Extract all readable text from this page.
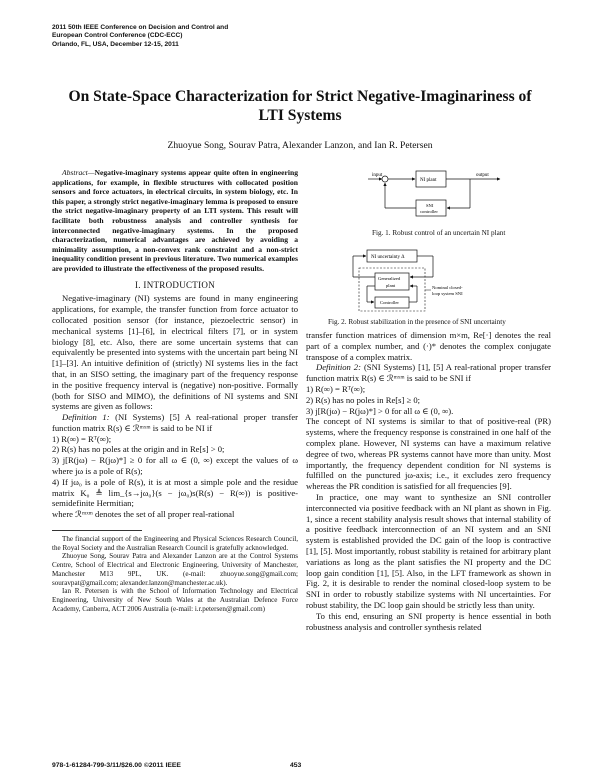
2011 50th IEEE Conference on Decision and Control and
European Control Conference (CDC-ECC)
Orlando, FL, USA, December 12-15, 2011
On State-Space Characterization for Strict Negative-Imaginariness of
LTI Systems
Zhuoyue Song, Sourav Patra, Alexander Lanzon, and Ian R. Petersen

Abstract—Negative-imaginary systems appear quite often in engineering applications, for example, in flexible structures with collocated position sensors and force actuators, in electrical circuits, in system biology, etc. In this paper, a strongly strict negative-imaginary lemma is proposed to ensure the strict negative-imaginary property of an LTI system. This result will facilitate both robustness analysis and controller synthesis for interconnected negative-imaginary systems. In the proposed characterization, numerical advantages are achieved by avoiding a minimality assumption, a non-convex rank constraint and a non-strict inequality condition present in previous literature. Two numerical examples are provided to illustrate the effectiveness of the proposed results.

I. INTRODUCTION

Negative-imaginary (NI) systems are found in many engineering applications, for example, the transfer function from force actuator to collocated position sensor (for instance, piezoelectric sensor) in mechanical systems [1]–[6], in electrical filters [7], or in system biology [8], etc. Also, there are some uncertain systems that can equivalently be presented into systems with the uncertain part being NI [1]–[3]. An intuitive definition of (strictly) NI systems lies in the fact that, in an SISO setting, the imaginary part of the frequency response in the positive frequency interval is (negative) non-positive. Formally (both for SISO and MIMO), the definitions of NI systems and SNI systems are given as follows:

Definition 1: (NI Systems) [5] A real-rational proper transfer function matrix R(s) ∈ ℛᵐˣᵐ is said to be NI if

1) R(∞) = Rᵀ(∞);

2) R(s) has no poles at the origin and in Re[s] > 0;

3) j[R(jω) − R(jω)*] ≥ 0 for all ω ∈ (0, ∞) except the values of ω where jω is a pole of R(s);

4) If jω₀ is a pole of R(s), it is at most a simple pole and the residue matrix K₀ ≜ lim_{s→jω₀}(s − jω₀)s(R(s) − R(∞)) is positive-semidefinite Hermitian;

where ℛᵐˣᵐ denotes the set of all proper real-rational

The financial support of the Engineering and Physical Sciences Research Council, the Royal Society and the Australian Research Council is gratefully acknowledged.

Zhuoyue Song, Sourav Patra and Alexander Lanzon are at the Control Systems Centre, School of Electrical and Electronic Engineering, University of Manchester, Manchester M13 9PL, UK. (e-mail: zhuoyue.song@gmail.com; souravpat@gmail.com; alexander.lanzon@manchester.ac.uk).

Ian R. Petersen is with the School of Information Technology and Electrical Engineering, University of New South Wales at the Australian Defence Force Academy, Canberra, ACT 2006 Australia (e-mail: i.r.petersen@gmail.com)

input
NI plant
output
SNI
controller
Fig. 1. Robust control of an uncertain NI plant
NI uncertainty Δ
Generalized
plant
Controller
Nominal closed-
loop system SNI
Fig. 2. Robust stabilization in the presence of SNI uncertainty

transfer function matrices of dimension m×m, Re[·] denotes the real part of a complex number, and (·)* denotes the complex conjugate transpose of a complex matrix.

Definition 2: (SNI Systems) [1], [5] A real-rational proper transfer function matrix R(s) ∈ ℛᵐˣᵐ is said to be SNI if

1) R(∞) = Rᵀ(∞);

2) R(s) has no poles in Re[s] ≥ 0;

3) j[R(jω) − R(jω)*] > 0 for all ω ∈ (0, ∞).

The concept of NI systems is similar to that of positive-real (PR) systems, where the frequency response is constrained in one half of the complex plane. However, NI systems can have a maximum relative degree of two, whereas PR systems cannot have more than unity. Most importantly, the frequency dependent condition for NI systems is fulfilled on the punctured jω-axis; i.e., it excludes zero frequency whereas the PR condition is satisfied for all frequencies [9].

In practice, one may want to synthesize an SNI controller interconnected via positive feedback with an NI plant as shown in Fig. 1, since a recent stability analysis result shows that internal stability of a positive feedback interconnection of an NI system and an SNI system is established provided the DC gain of the loop is contractive [1], [5]. Most importantly, robust stability is retained for arbitrary plant variations as long as the plant satisfies the NI property and the DC loop gain condition [1], [5]. Also, in the LFT framework as shown in Fig. 2, it is desirable to render the nominal closed-loop system to be SNI in order to robustly stabilize systems with NI uncertainties. For robust stability, the DC loop gain should be strictly less than unity.

To this end, ensuring an SNI property is hence essential in both robustness analysis and controller synthesis related

978-1-61284-799-3/11/$26.00 ©2011 IEEE	453
